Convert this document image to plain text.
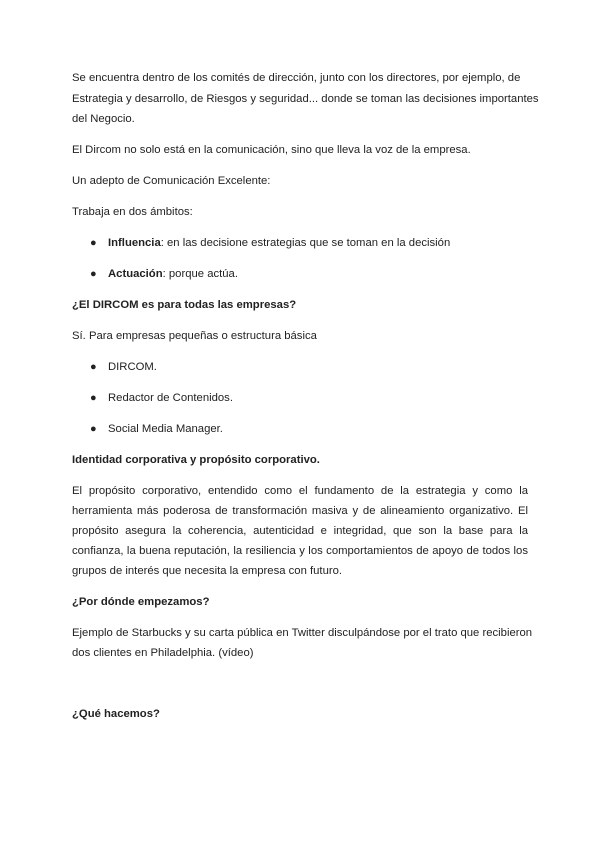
Se encuentra dentro de los comités de dirección, junto con los directores, por ejemplo, de
Estrategia y desarrollo, de Riesgos y seguridad... donde se toman las decisiones importantes
del Negocio.
El Dircom no solo está en la comunicación, sino que lleva la voz de la empresa.
Un adepto de Comunicación Excelente:
Trabaja en dos ámbitos:
● Influencia: en las decisione estrategias que se toman en la decisión
● Actuación: porque actúa.
¿El DIRCOM es para todas las empresas?
Sí. Para empresas pequeñas o estructura básica
● DIRCOM.
● Redactor de Contenidos.
● Social Media Manager.
Identidad corporativa y propósito corporativo.
El propósito corporativo, entendido como el fundamento de la estrategia y como la
herramienta más poderosa de transformación masiva y de alineamiento organizativo. El
propósito asegura la coherencia, autenticidad e integridad, que son la base para la
confianza, la buena reputación, la resiliencia y los comportamientos de apoyo de todos los
grupos de interés que necesita la empresa con futuro.
¿Por dónde empezamos?
Ejemplo de Starbucks y su carta pública en Twitter disculpándose por el trato que recibieron
dos clientes en Philadelphia. (vídeo)
¿Qué hacemos?
